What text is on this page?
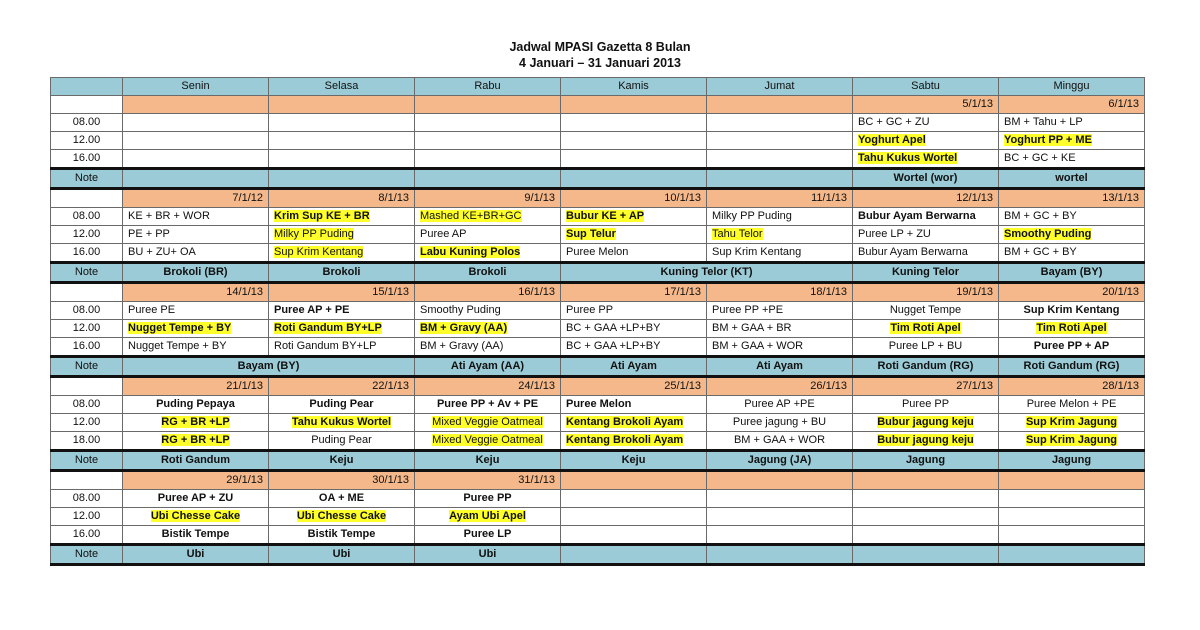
Jadwal MPASI Gazetta 8 Bulan
4 Januari – 31 Januari 2013
	Senin	Selasa	Rabu	Kamis	Jumat	Sabtu	Minggu
						5/1/13	6/1/13
08.00						BC + GC + ZU	BM + Tahu + LP
12.00						Yoghurt Apel	Yoghurt PP + ME
16.00						Tahu Kukus Wortel	BC + GC + KE
Note						Wortel (wor)	wortel
	7/1/12	8/1/13	9/1/13	10/1/13	11/1/13	12/1/13	13/1/13
08.00	KE + BR + WOR	Krim Sup KE + BR	Mashed KE+BR+GC	Bubur KE + AP	Milky PP Puding	Bubur Ayam Berwarna	BM + GC + BY
12.00	PE + PP	Milky PP Puding	Puree AP	Sup Telur	Tahu Telor	Puree LP + ZU	Smoothy Puding
16.00	BU + ZU+ OA	Sup Krim Kentang	Labu Kuning Polos	Puree Melon	Sup Krim Kentang	Bubur Ayam Berwarna	BM + GC + BY
Note	Brokoli (BR)	Brokoli	Brokoli	Kuning Telor (KT)		Kuning Telor	Bayam (BY)
	14/1/13	15/1/13	16/1/13	17/1/13	18/1/13	19/1/13	20/1/13
08.00	Puree PE	Puree AP + PE	Smoothy Puding	Puree PP	Puree PP +PE	Nugget Tempe	Sup Krim Kentang
12.00	Nugget Tempe + BY	Roti Gandum BY+LP	BM + Gravy (AA)	BC + GAA +LP+BY	BM + GAA + BR	Tim Roti Apel	Tim Roti Apel
16.00	Nugget Tempe + BY	Roti Gandum BY+LP	BM + Gravy (AA)	BC + GAA +LP+BY	BM + GAA + WOR	Puree LP + BU	Puree PP + AP
Note	Bayam (BY)		Ati Ayam (AA)	Ati Ayam	Ati Ayam	Roti Gandum (RG)	Roti Gandum (RG)
	21/1/13	22/1/13	24/1/13	25/1/13	26/1/13	27/1/13	28/1/13
08.00	Puding Pepaya	Puding Pear	Puree PP + Av + PE	Puree Melon	Puree AP +PE	Puree PP	Puree Melon + PE
12.00	RG + BR +LP	Tahu Kukus Wortel	Mixed Veggie Oatmeal	Kentang Brokoli Ayam	Puree jagung + BU	Bubur jagung keju	Sup Krim Jagung
18.00	RG + BR +LP	Puding Pear	Mixed Veggie Oatmeal	Kentang Brokoli Ayam	BM + GAA + WOR	Bubur jagung keju	Sup Krim Jagung
Note	Roti Gandum	Keju	Keju	Keju	Jagung (JA)	Jagung	Jagung
	29/1/13	30/1/13	31/1/13				
08.00	Puree AP + ZU	OA + ME	Puree PP				
12.00	Ubi Chesse Cake	Ubi Chesse Cake	Ayam Ubi Apel				
16.00	Bistik Tempe	Bistik Tempe	Puree LP				
Note	Ubi	Ubi	Ubi				
